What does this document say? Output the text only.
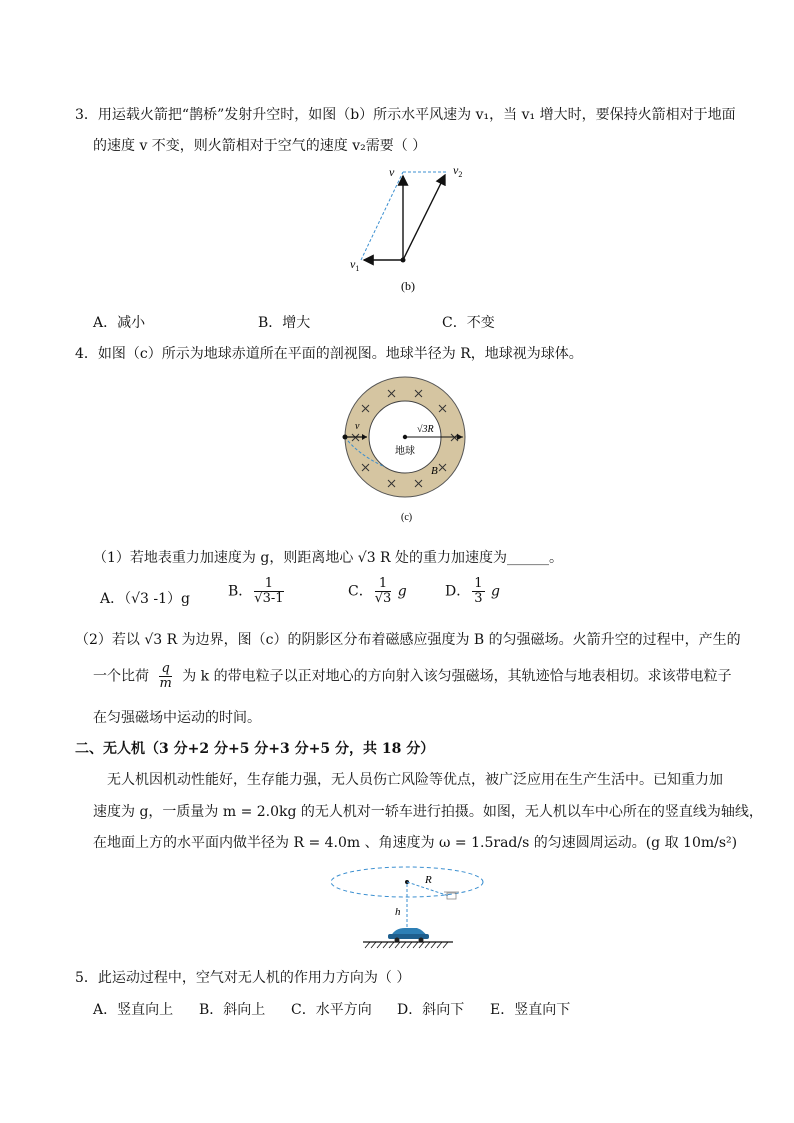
3．用运载火箭把“鹊桥”发射升空时，如图（b）所示水平风速为 v₁，当 v₁ 增大时，要保持火箭相对于地面
的速度 v 不变，则火箭相对于空气的速度 v₂需要（ ）
v
$v_1$
$v_2$
(b)
A．减小	B．增大	C．不变
4．如图（c）所示为地球赤道所在平面的剖视图。地球半径为 R，地球视为球体。
v	√3R
地球
B
(c)
（1）若地表重力加速度为 g，则距离地心 √3 R 处的重力加速度为______。
A．（√3 -1）g	B． $\frac{1}{√3-1}$	C． $\frac{1}{√3}$ g	D． $\frac{1}{3}$ g
（2）若以 √3 R 为边界，图（c）的阴影区分布着磁感应强度为 B 的匀强磁场。火箭升空的过程中，产生的
一个比荷 $\frac{q}{m}$ 为 k 的带电粒子以正对地心的方向射入该匀强磁场，其轨迹恰与地表相切。求该带电粒子
在匀强磁场中运动的时间。
二、无人机（3 分+2 分+5 分+3 分+5 分，共 18 分）
无人机因机动性能好，生存能力强，无人员伤亡风险等优点，被广泛应用在生产生活中。已知重力加
速度为 g，一质量为 m = 2.0kg 的无人机对一轿车进行拍摄。如图，无人机以车中心所在的竖直线为轴线，
在地面上方的水平面内做半径为 R = 4.0m 、角速度为 ω = 1.5rad/s 的匀速圆周运动。(g 取 10m/s²)
R
h
5．此运动过程中，空气对无人机的作用力方向为（ ）
A．竖直向上 B．斜向上 C．水平方向 D．斜向下 E．竖直向下
